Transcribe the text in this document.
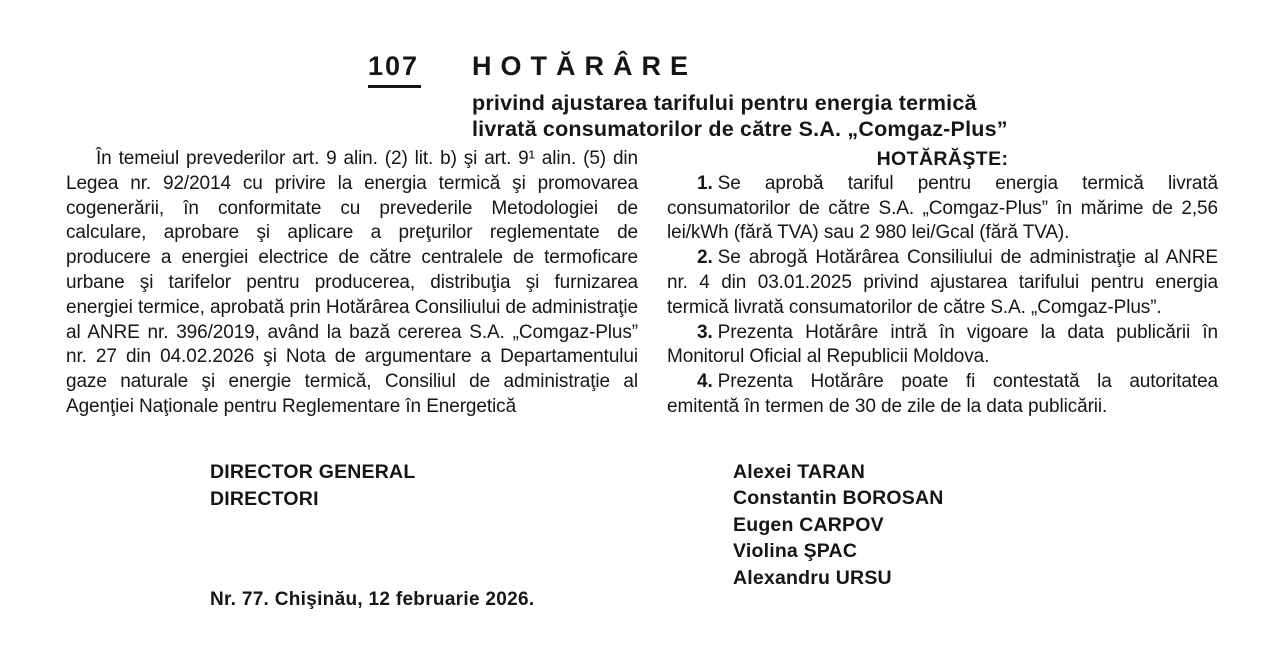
107 HOTĂRÂRE
privind ajustarea tarifului pentru energia termică
livrată consumatorilor de către S.A. „Comgaz-Plus”

În temeiul prevederilor art. 9 alin. (2) lit. b) şi art. 9¹ alin. (5) din Legea nr. 92/2014 cu privire la energia termică şi promovarea cogenerării, în conformitate cu prevederile Metodologiei de calculare, aprobare şi aplicare a preţurilor reglementate de producere a energiei electrice de către centralele de termoficare urbane şi tarifelor pentru producerea, distribuţia şi furnizarea energiei termice, aprobată prin Hotărârea Consiliului de administraţie al ANRE nr. 396/2019, având la bază cererea S.A. „Comgaz-Plus” nr. 27 din 04.02.2026 şi Nota de argumentare a Departamentului gaze naturale şi energie termică, Consiliul de administraţie al Agenţiei Naţionale pentru Reglementare în Energetică

HOTĂRĂŞTE:

1. Se aprobă tariful pentru energia termică livrată consumatorilor de către S.A. „Comgaz-Plus” în mărime de 2,56 lei/kWh (fără TVA) sau 2 980 lei/Gcal (fără TVA).

2. Se abrogă Hotărârea Consiliului de administraţie al ANRE nr. 4 din 03.01.2025 privind ajustarea tarifului pentru energia termică livrată consumatorilor de către S.A. „Comgaz-Plus”.

3. Prezenta Hotărâre intră în vigoare la data publicării în Monitorul Oficial al Republicii Moldova.

4. Prezenta Hotărâre poate fi contestată la autoritatea emitentă în termen de 30 de zile de la data publicării.

DIRECTOR GENERAL
DIRECTORI
Alexei TARAN
Constantin BOROSAN
Eugen CARPOV
Violina ŞPAC
Alexandru URSU
Nr. 77. Chişinău, 12 februarie 2026.
